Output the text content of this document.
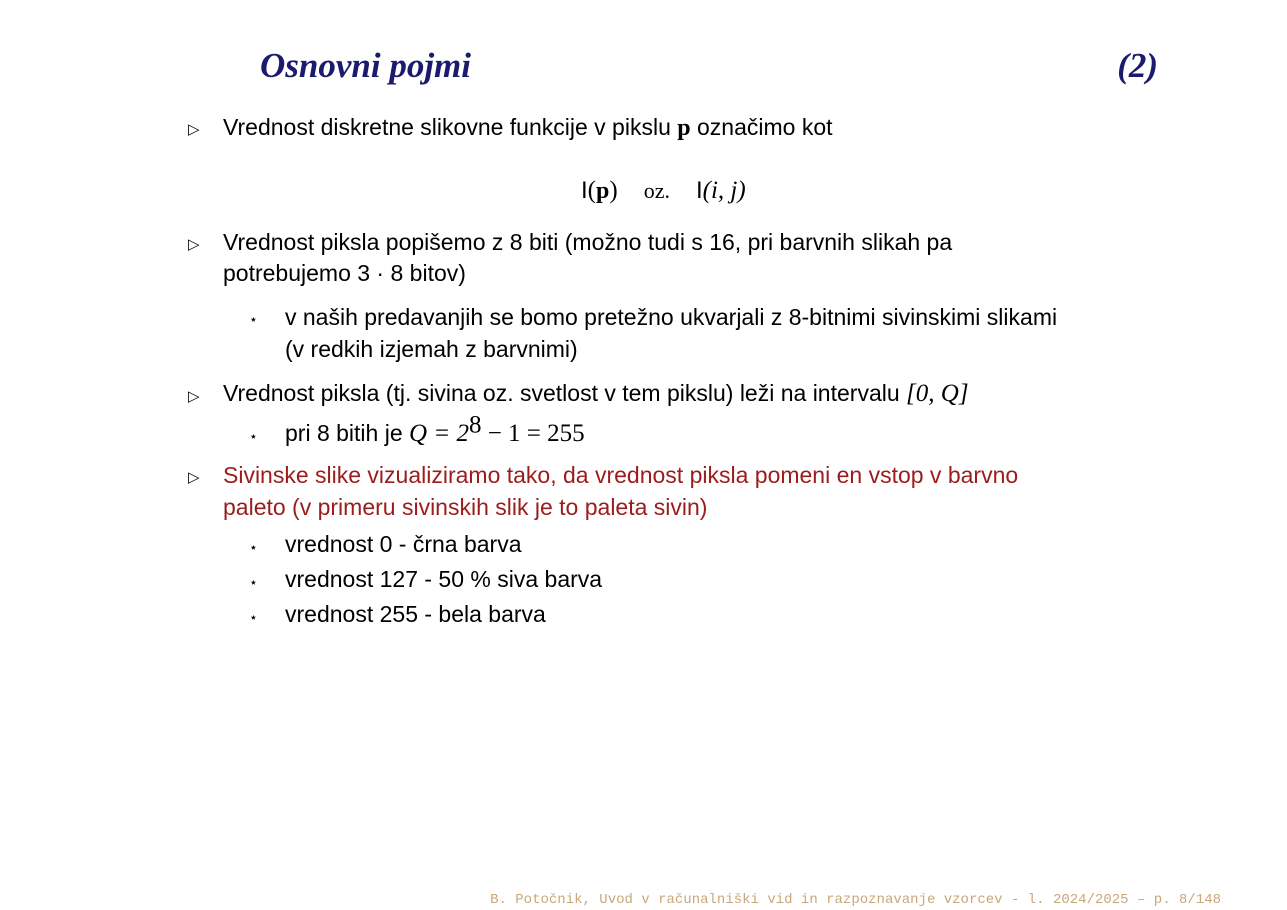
Osnovni pojmi	(2)
▷ Vrednost diskretne slikovne funkcije v pikslu p označimo kot
I(p) oz. I(i, j)
▷ Vrednost piksla popišemo z 8 biti (možno tudi s 16, pri barvnih slikah pa
potrebujemo 3 · 8 bitov)
⋆ v naših predavanjih se bomo pretežno ukvarjali z 8-bitnimi sivinskimi slikami
(v redkih izjemah z barvnimi)
▷ Vrednost piksla (tj. sivina oz. svetlost v tem pikslu) leži na intervalu [0, Q]
⋆ pri 8 bitih je $Q = 2^8 - 1 = 255$
▷ Sivinske slike vizualiziramo tako, da vrednost piksla pomeni en vstop v barvno
paleto (v primeru sivinskih slik je to paleta sivin)
⋆ vrednost 0 - črna barva
⋆ vrednost 127 - 50 % siva barva
⋆ vrednost 255 - bela barva
B. Potočnik, Uvod v računalniški vid in razpoznavanje vzorcev - l. 2024/2025 – p. 8/148
